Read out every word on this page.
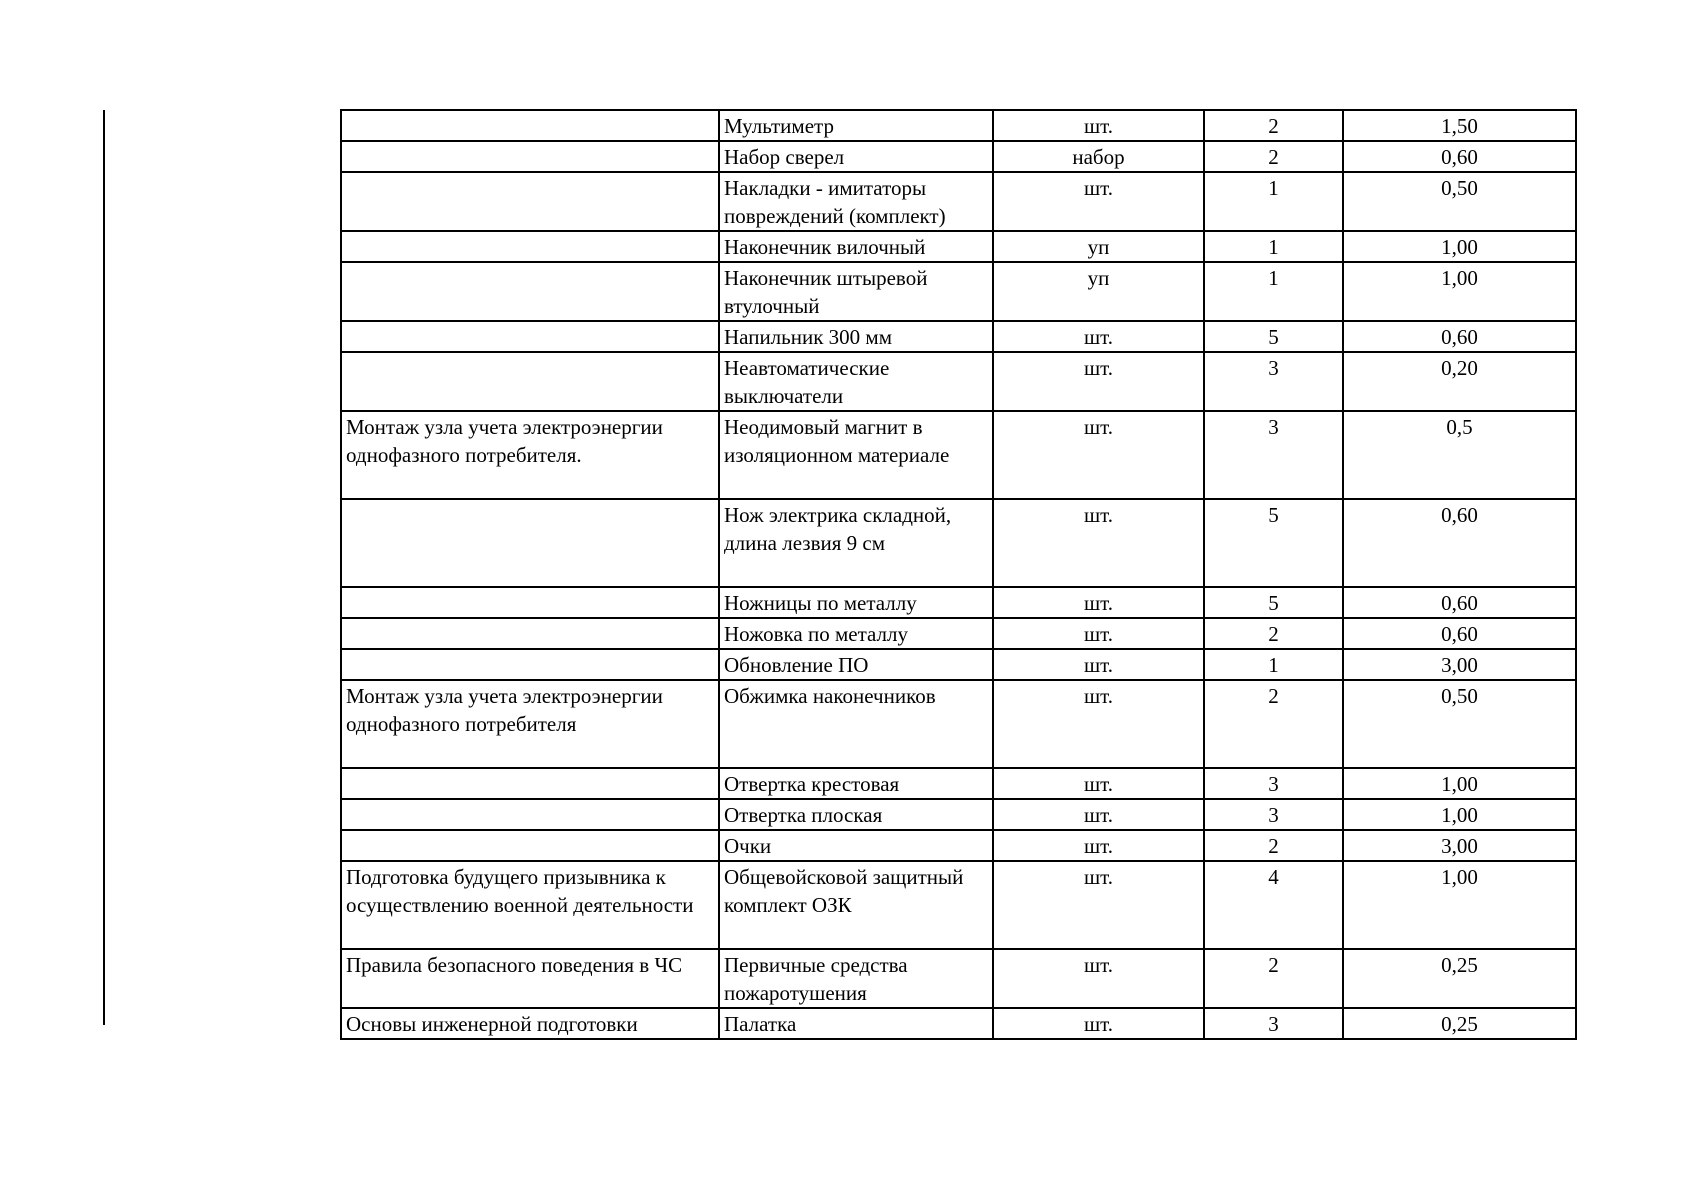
	Мультиметр	шт.	2	1,50
	Набор сверел	набор	2	0,60
	Накладки - имитаторы повреждений (комплект)	шт.	1	0,50
	Наконечник вилочный	уп	1	1,00
	Наконечник штыревой втулочный	уп	1	1,00
	Напильник 300 мм	шт.	5	0,60
	Неавтоматические выключатели	шт.	3	0,20
Монтаж узла учета электроэнергии однофазного потребителя.	Неодимовый магнит в изоляционном материале	шт.	3	0,5
	Нож электрика складной, длина лезвия 9 см	шт.	5	0,60
	Ножницы по металлу	шт.	5	0,60
	Ножовка по металлу	шт.	2	0,60
	Обновление ПО	шт.	1	3,00
Монтаж узла учета электроэнергии однофазного потребителя	Обжимка наконечников	шт.	2	0,50
	Отвертка крестовая	шт.	3	1,00
	Отвертка плоская	шт.	3	1,00
	Очки	шт.	2	3,00
Подготовка будущего призывника к осуществлению военной деятельности	Общевойсковой защитный комплект ОЗК	шт.	4	1,00
Правила безопасного поведения в ЧС	Первичные средства пожаротушения	шт.	2	0,25
Основы инженерной подготовки	Палатка	шт.	3	0,25
